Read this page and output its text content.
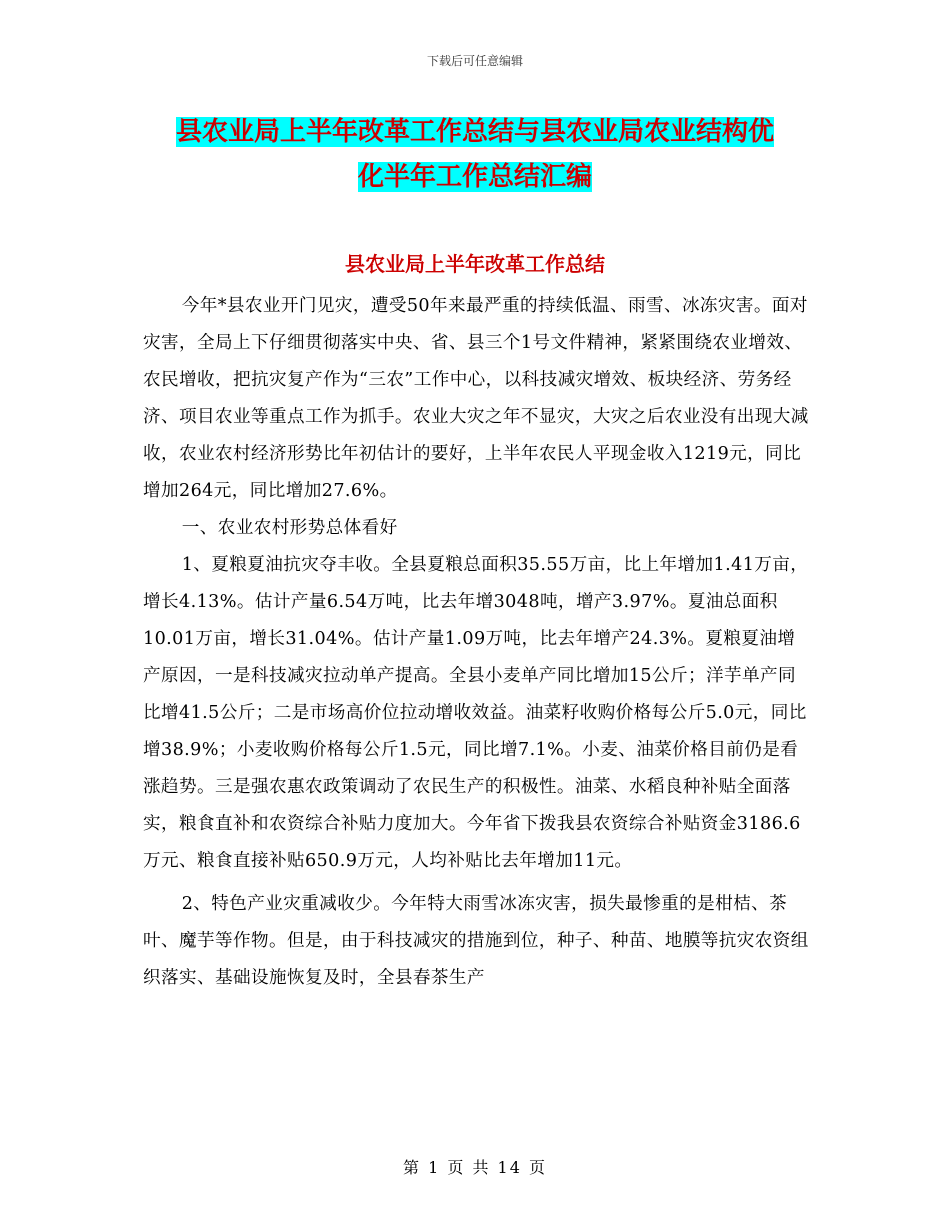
下载后可任意编辑
县农业局上半年改革工作总结与县农业局农业结构优
化半年工作总结汇编
县农业局上半年改革工作总结

今年*县农业开门见灾，遭受50年来最严重的持续低温、雨雪、冰冻灾害。面对灾害，全局上下仔细贯彻落实中央、省、县三个1号文件精神，紧紧围绕农业增效、农民增收，把抗灾复产作为“三农”工作中心，以科技减灾增效、板块经济、劳务经济、项目农业等重点工作为抓手。农业大灾之年不显灾，大灾之后农业没有出现大减收，农业农村经济形势比年初估计的要好，上半年农民人平现金收入1219元，同比增加264元，同比增加27.6%。

一、农业农村形势总体看好

1、夏粮夏油抗灾夺丰收。全县夏粮总面积35.55万亩，比上年增加1.41万亩，增长4.13%。估计产量6.54万吨，比去年增3048吨，增产3.97%。夏油总面积10.01万亩，增长31.04%。估计产量1.09万吨，比去年增产24.3%。夏粮夏油增产原因，一是科技减灾拉动单产提高。全县小麦单产同比增加15公斤；洋芋单产同比增41.5公斤；二是市场高价位拉动增收效益。油菜籽收购价格每公斤5.0元，同比增38.9%；小麦收购价格每公斤1.5元，同比增7.1%。小麦、油菜价格目前仍是看涨趋势。三是强农惠农政策调动了农民生产的积极性。油菜、水稻良种补贴全面落实，粮食直补和农资综合补贴力度加大。今年省下拨我县农资综合补贴资金3186.6万元、粮食直接补贴650.9万元，人均补贴比去年增加11元。

2、特色产业灾重减收少。今年特大雨雪冰冻灾害，损失最惨重的是柑桔、茶叶、魔芋等作物。但是，由于科技减灾的措施到位，种子、种苗、地膜等抗灾农资组织落实、基础设施恢复及时，全县春茶生产

第 1 页 共 14 页
